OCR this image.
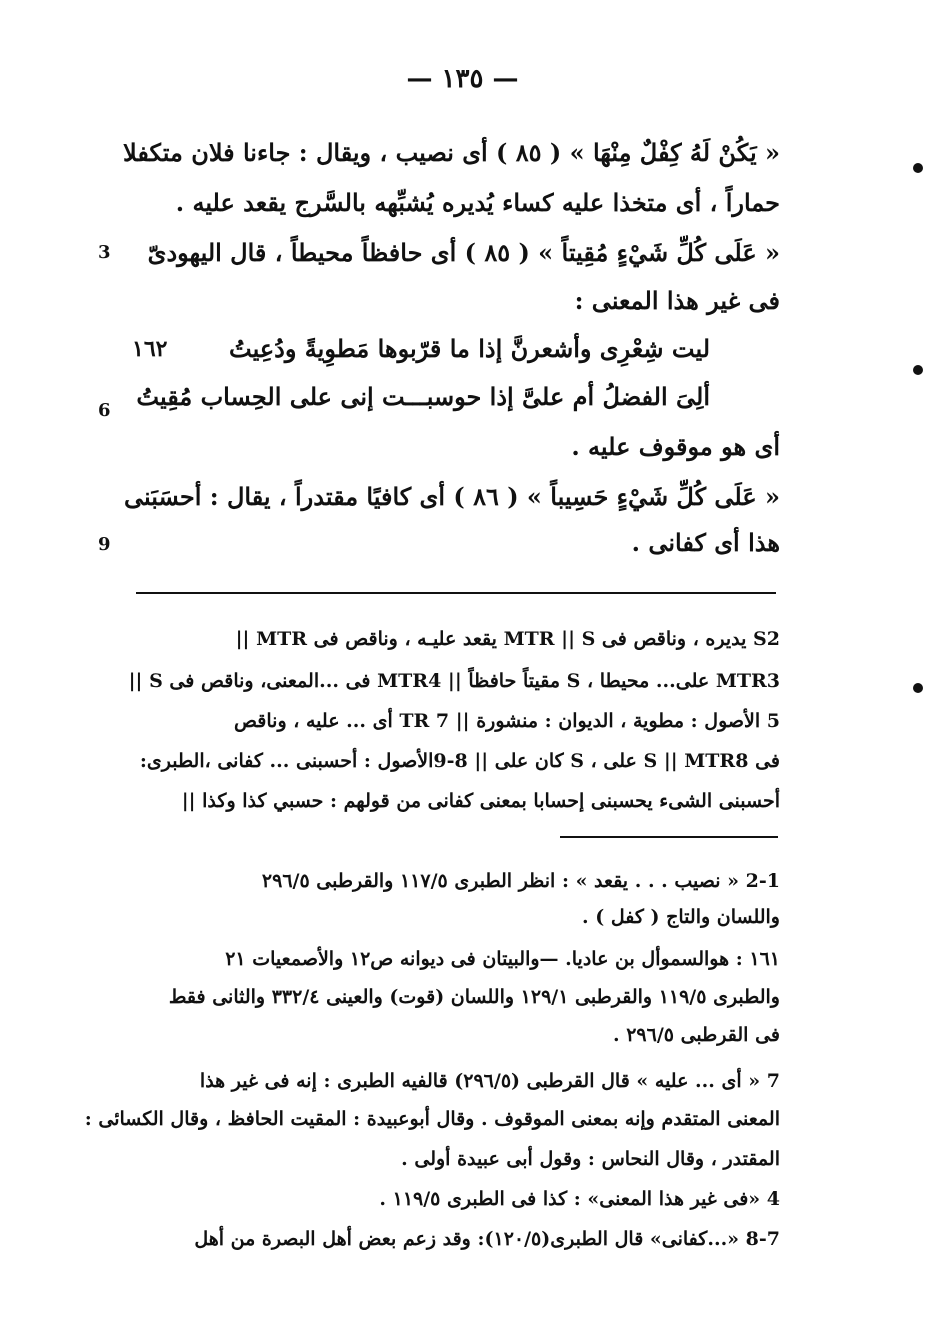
— ١٣٥ —
« يَكُنْ لَهُ كِفْلٌ مِنْهَا » ( ٨٥ ) أى نصيب ، ويقال : جاءنا فلان متكفلا
حماراً ، أى متخذا عليه كساء يُديره يُشبِّهه بالسَّرج يقعد عليه .
« عَلَى كُلِّ شَيْءٍ مُقِيتاً » ( ٨٥ ) أى حافظاً محيطاً ، قال اليهودىّ
فى غير هذا المعنى :
ليت شِعْرِى وأشعرنَّ إذا ما قرّبوها مَطوِيةً ودُعِيتُ
١٦٢
ألِىَ الفضلُ أم علىَّ إذا حوسبـــت إنى على الحِساب مُقِيتُ
أى هو موقوف عليه .
« عَلَى كُلِّ شَيْءٍ حَسِيباً » ( ٨٦ ) أى كافيًا مقتدراً ، يقال : أحسَبَنى
هذا أى كفانى .
3
6
9
S2 يديره ، وناقص فى MTR || S يقعد عليـه ، وناقص فى MTR ||
MTR3 على... محيطا ، S مقيتاً حافظاً || MTR4 فى ...المعنى، وناقص فى S ||
5 الأصول : مطوية ، الديوان : منشورة || TR 7 أى ... عليه ، وناقص
فى S || MTR8 على ، S كان على || 8-9الأصول : أحسبنى ... كفانى ،الطبرى:
أحسبنى الشىء يحسبنى إحسابا بمعنى كفانى من قولهم : حسبي كذا وكذا ||
2-1 « نصيب . . . يقعد » : انظر الطبرى ١١٧/٥ والقرطبى ٢٩٦/٥
واللسان والتاج ( كفل ) .
١٦١ : هوالسموأل بن عاديا. —والبيتان فى ديوانه ص١٢ والأصمعيات ٢١
والطبرى ١١٩/٥ والقرطبى ١٢٩/١ واللسان (قوت) والعينى ٣٣٢/٤ والثانى فقط
فى القرطبى ٢٩٦/٥ .
7 « أى ... عليه » قال القرطبى (٢٩٦/٥) قالفيه الطبرى : إنه فى غير هذا
المعنى المتقدم وإنه بمعنى الموقوف . وقال أبوعبيدة : المقيت الحافظ ، وقال الكسائى :
المقتدر ، وقال النحاس : وقول أبى عبيدة أولى .
4 «فى غير هذا المعنى» : كذا فى الطبرى ١١٩/٥ .
8-7 «...كفانى» قال الطبرى(١٢٠/٥): وقد زعم بعض أهل البصرة من أهل
